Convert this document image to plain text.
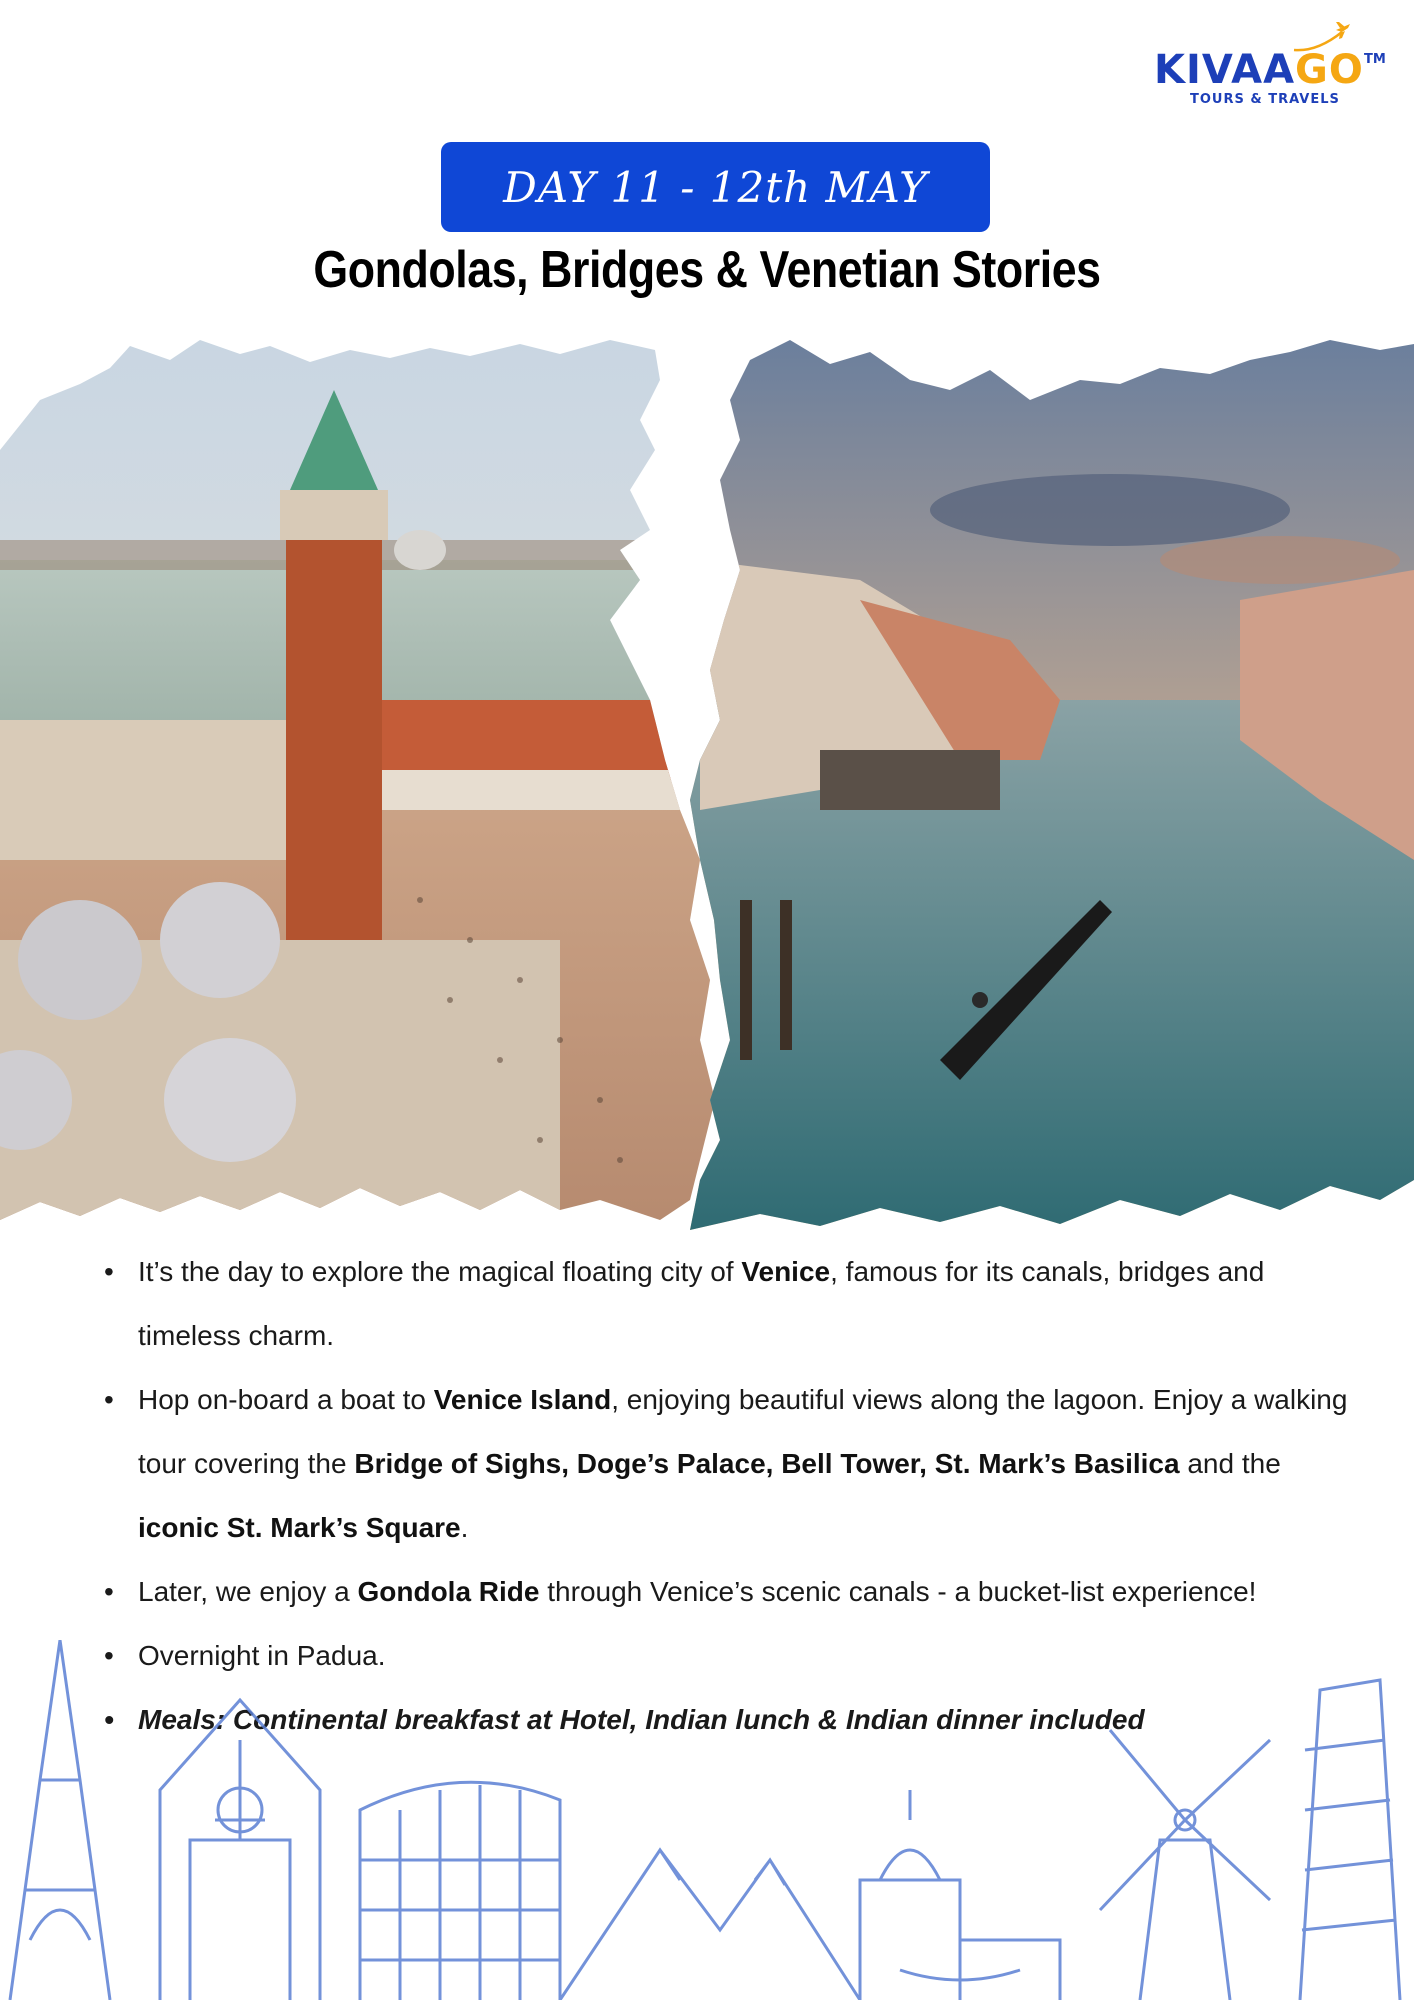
KIVAAGO TM
TOURS & TRAVELS
DAY 11 - 12th MAY
Gondolas, Bridges & Venetian Stories
• It’s the day to explore the magical floating city of Venice, famous for its canals, bridges and timeless charm.
• Hop on-board a boat to Venice Island, enjoying beautiful views along the lagoon. Enjoy a walking tour covering the Bridge of Sighs, Doge’s Palace, Bell Tower, St. Mark’s Basilica and the iconic St. Mark’s Square.
• Later, we enjoy a Gondola Ride through Venice’s scenic canals - a bucket-list experience!
• Overnight in Padua.
• Meals: Continental breakfast at Hotel, Indian lunch & Indian dinner included
